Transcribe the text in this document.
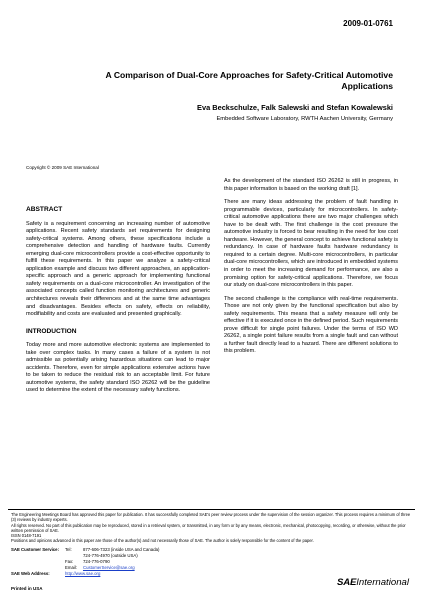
2009-01-0761
A Comparison of Dual-Core Approaches for Safety-Critical Automotive Applications
Eva Beckschulze, Falk Salewski and Stefan Kowalewski
Embedded Software Laboratory, RWTH Aachen University, Germany
Copyright © 2009 SAE International
ABSTRACT

Safety is a requirement concerning an increasing number of automotive applications. Recent safety standards set requirements for designing safety-critical systems. Among others, these specifications include a comprehensive detection and handling of hardware faults. Currently emerging dual-core microcontrollers provide a cost-effective opportunity to fulfill these requirements. In this paper we analyze a safety-critical application example and discuss two different approaches, an application-specific approach and a generic approach for implementing functional safety requirements on a dual-core microcontroller. An investigation of the associated concepts called function monitoring architectures and generic architectures reveals their differences and at the same time advantages and disadvantages. Besides effects on safety, effects on reliability, modifiability and costs are evaluated and presented graphically.

INTRODUCTION

Today more and more automotive electronic systems are implemented to take over complex tasks. In many cases a failure of a system is not admissible as potentially arising hazardous situations can lead to major accidents. Therefore, even for simple applications extensive actions have to be taken to reduce the residual risk to an acceptable limit. For future automotive systems, the safety standard ISO 26262 will be the guideline used to determine the extent of the necessary safety functions.

As the development of the standard ISO 26262 is still in progress, in this paper information is based on the working draft [1].

There are many ideas addressing the problem of fault handling in programmable devices, particularly for microcontrollers. In safety-critical automotive applications there are two major challenges which have to be dealt with. The first challenge is the cost pressure the automotive industry is forced to bear resulting in the need for low cost hardware. However, the general concept to achieve functional safety is redundancy. In case of hardware faults hardware redundancy is required to a certain degree. Multi-core microcontrollers, in particular dual-core microcontrollers, which are introduced in embedded systems in order to meet the increasing demand for performance, are also a promising option for safety-critical applications. Therefore, we focus our study on dual-core microcontrollers in this paper.

The second challenge is the compliance with real-time requirements. Those are not only given by the functional specification but also by safety requirements. This means that a safety measure will only be effective if it is executed once in the defined period. Such requirements prove difficult for single point failures. Under the terms of ISO WD 26262, a single point failure results from a single fault and can without a further fault directly lead to a hazard. There are different solutions to this problem.

The Engineering Meetings Board has approved this paper for publication. It has successfully completed SAE's peer review process under the supervision of the session organizer. This process requires a minimum of three (3) reviews by industry experts.

All rights reserved. No part of this publication may be reproduced, stored in a retrieval system, or transmitted, in any form or by any means, electronic, mechanical, photocopying, recording, or otherwise, without the prior written permission of SAE.

ISSN 0148-7191

Positions and opinions advanced in this paper are those of the author(s) and not necessarily those of SAE. The author is solely responsible for the content of the paper.

SAE Customer Service:	Tel:	877-606-7323 (inside USA and Canada)
		724-776-4970 (outside USA)
	Fax:	724-776-0790
	Email:	CustomerService@sae.org
SAE Web Address:	http://www.sae.org	
Printed in USA
SAEInternational
